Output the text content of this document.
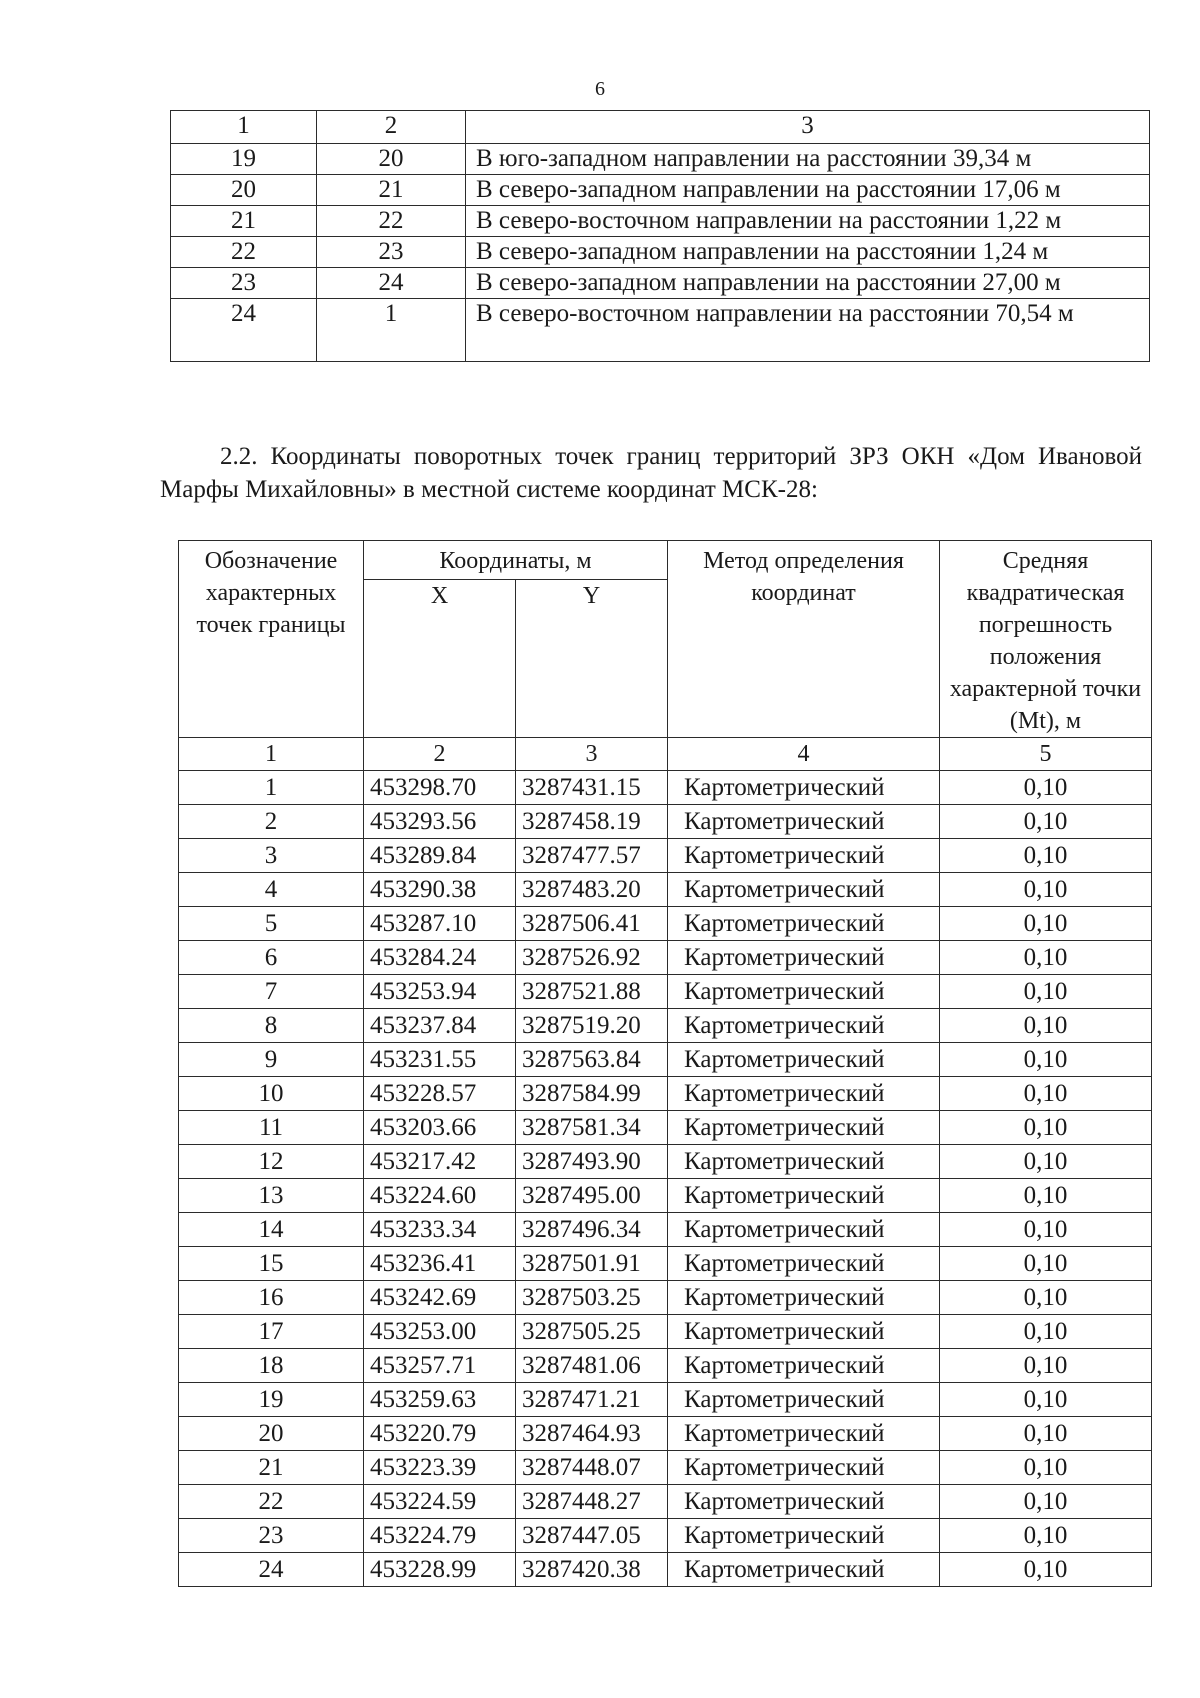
6
1	2	3
19	20	В юго-западном направлении на расстоянии 39,34 м
20	21	В северо-западном направлении на расстоянии 17,06 м
21	22	В северо-восточном направлении на расстоянии 1,22 м
22	23	В северо-западном направлении на расстоянии 1,24 м
23	24	В северо-западном направлении на расстоянии 27,00 м
24	1	В северо-восточном направлении на расстоянии 70,54 м
2.2. Координаты поворотных точек границ территорий ЗРЗ ОКН «Дом Ивановой Марфы Михайловны» в местной системе координат МСК-28:
Обозначение характерных точек границы	Координаты, м		Метод определения координат	Средняя квадратическая погрешность положения характерной точки (Mt), м
	X	Y		
1	2	3	4	5
1	453298.70	3287431.15	Картометрический	0,10
2	453293.56	3287458.19	Картометрический	0,10
3	453289.84	3287477.57	Картометрический	0,10
4	453290.38	3287483.20	Картометрический	0,10
5	453287.10	3287506.41	Картометрический	0,10
6	453284.24	3287526.92	Картометрический	0,10
7	453253.94	3287521.88	Картометрический	0,10
8	453237.84	3287519.20	Картометрический	0,10
9	453231.55	3287563.84	Картометрический	0,10
10	453228.57	3287584.99	Картометрический	0,10
11	453203.66	3287581.34	Картометрический	0,10
12	453217.42	3287493.90	Картометрический	0,10
13	453224.60	3287495.00	Картометрический	0,10
14	453233.34	3287496.34	Картометрический	0,10
15	453236.41	3287501.91	Картометрический	0,10
16	453242.69	3287503.25	Картометрический	0,10
17	453253.00	3287505.25	Картометрический	0,10
18	453257.71	3287481.06	Картометрический	0,10
19	453259.63	3287471.21	Картометрический	0,10
20	453220.79	3287464.93	Картометрический	0,10
21	453223.39	3287448.07	Картометрический	0,10
22	453224.59	3287448.27	Картометрический	0,10
23	453224.79	3287447.05	Картометрический	0,10
24	453228.99	3287420.38	Картометрический	0,10
